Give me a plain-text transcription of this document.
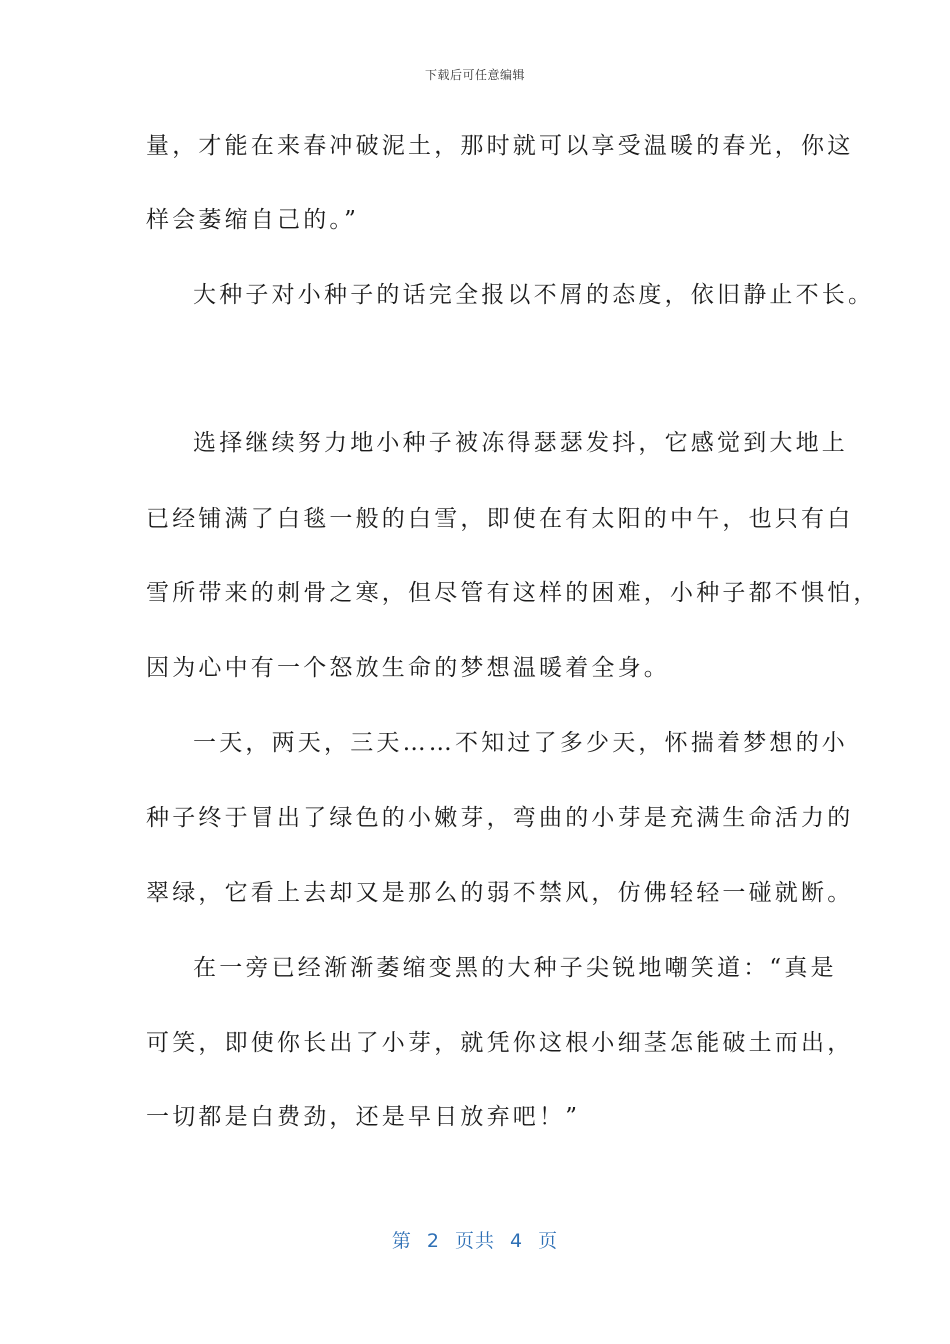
下载后可任意编辑
量，才能在来春冲破泥土，那时就可以享受温暖的春光，你这
样会萎缩自己的。”
大种子对小种子的话完全报以不屑的态度，依旧静止不长。
选择继续努力地小种子被冻得瑟瑟发抖，它感觉到大地上
已经铺满了白毯一般的白雪，即使在有太阳的中午，也只有白
雪所带来的刺骨之寒，但尽管有这样的困难，小种子都不惧怕，
因为心中有一个怒放生命的梦想温暖着全身。
一天，两天，三天……不知过了多少天，怀揣着梦想的小
种子终于冒出了绿色的小嫩芽，弯曲的小芽是充满生命活力的
翠绿，它看上去却又是那么的弱不禁风，仿佛轻轻一碰就断。
在一旁已经渐渐萎缩变黑的大种子尖锐地嘲笑道：“真是
可笑，即使你长出了小芽，就凭你这根小细茎怎能破土而出，
一切都是白费劲，还是早日放弃吧！”
第 2 页共 4 页
